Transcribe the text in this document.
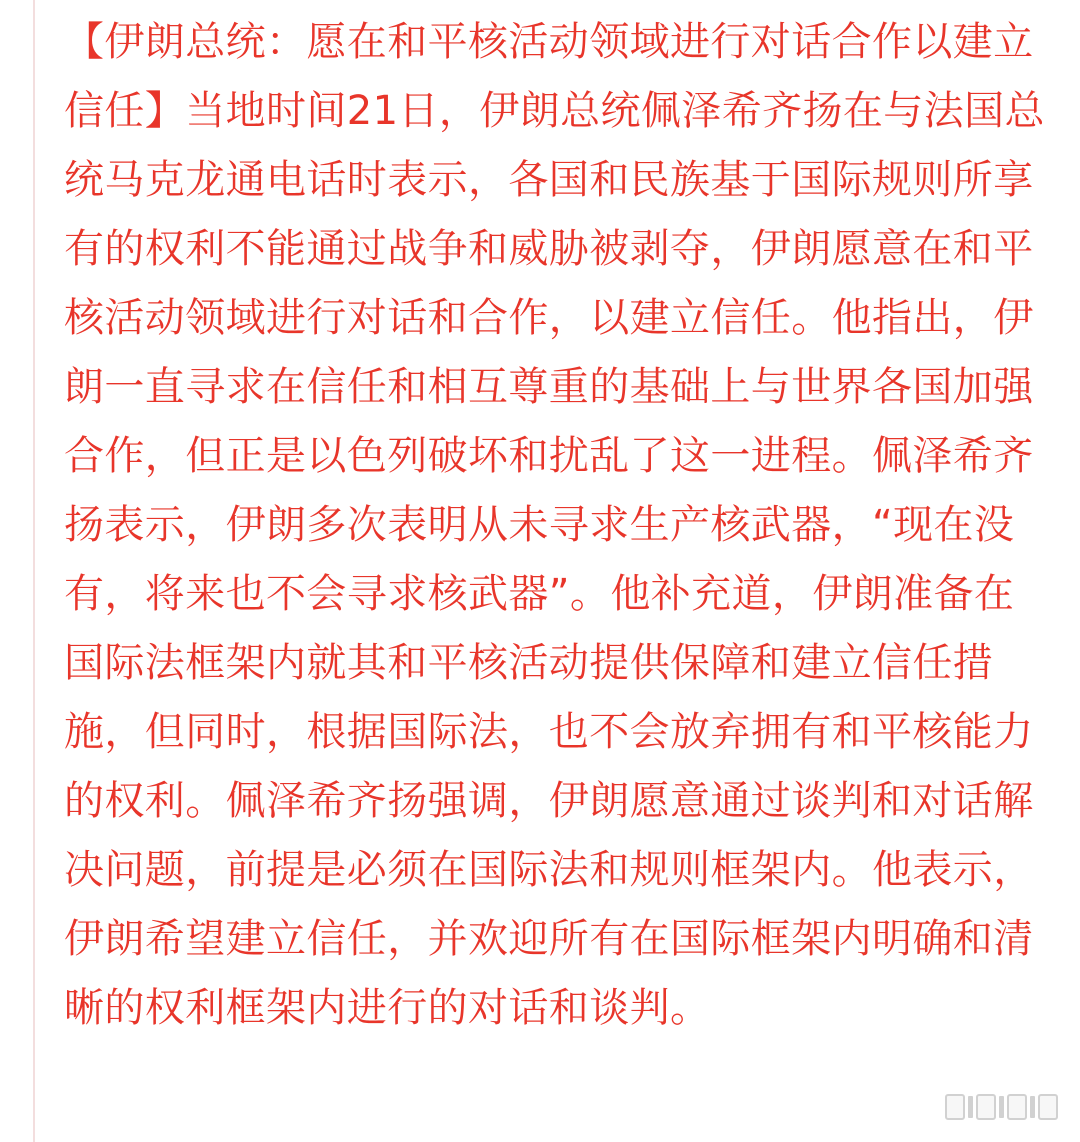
【伊朗总统：愿在和平核活动领域进行对话合作以建立信任】当地时间21日，伊朗总统佩泽希齐扬在与法国总统马克龙通电话时表示，各国和民族基于国际规则所享有的权利不能通过战争和威胁被剥夺，伊朗愿意在和平核活动领域进行对话和合作，以建立信任。他指出，伊朗一直寻求在信任和相互尊重的基础上与世界各国加强合作，但正是以色列破坏和扰乱了这一进程。佩泽希齐扬表示，伊朗多次表明从未寻求生产核武器，“现在没有，将来也不会寻求核武器”。他补充道，伊朗准备在国际法框架内就其和平核活动提供保障和建立信任措施，但同时，根据国际法，也不会放弃拥有和平核能力的权利。佩泽希齐扬强调，伊朗愿意通过谈判和对话解决问题，前提是必须在国际法和规则框架内。他表示，伊朗希望建立信任，并欢迎所有在国际框架内明确和清晰的权利框架内进行的对话和谈判。
